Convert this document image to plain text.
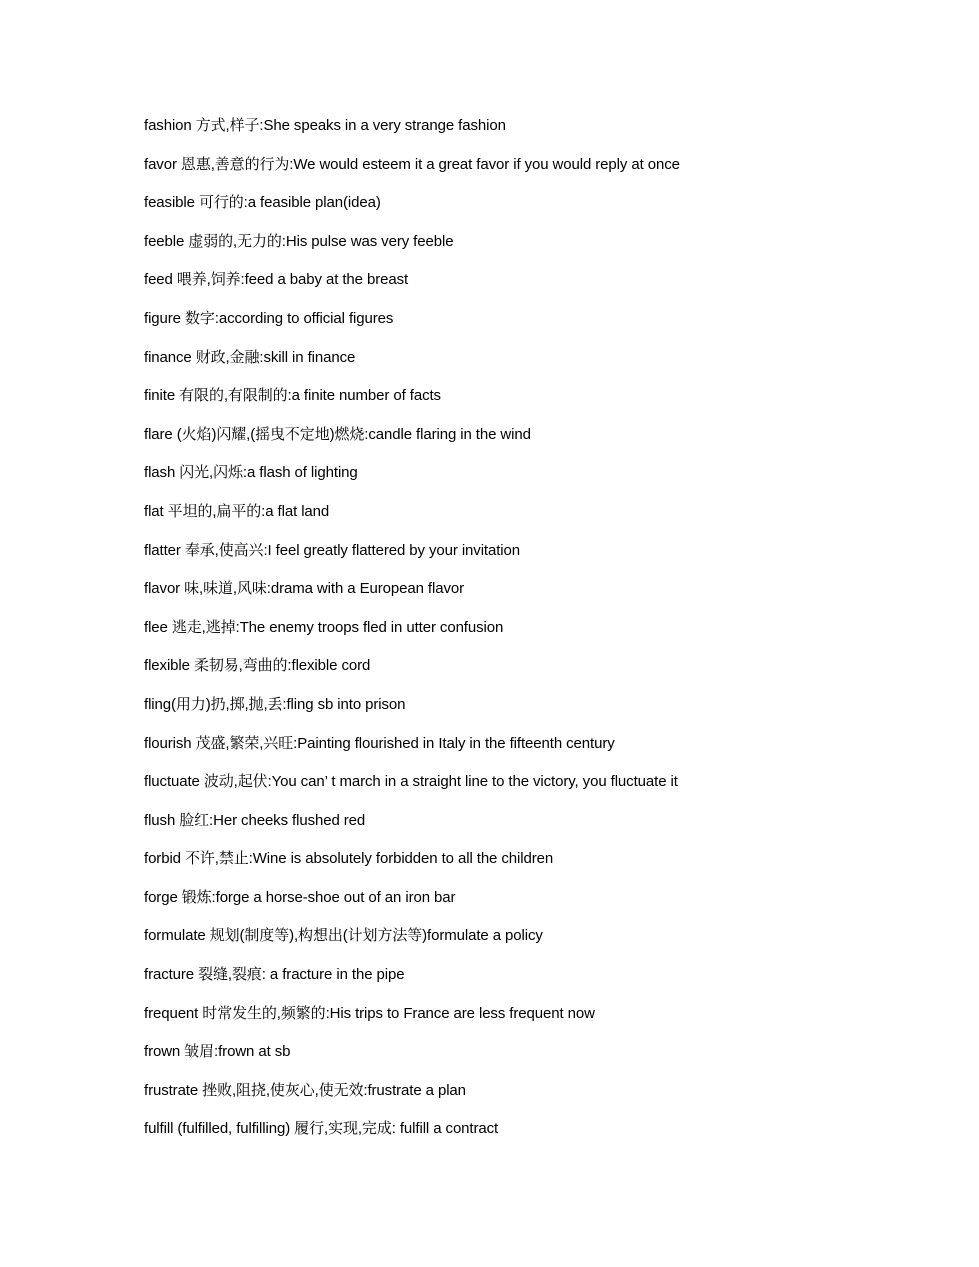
fashion 方式,样子:She speaks in a very strange fashion
favor 恩惠,善意的行为:We would esteem it a great favor if you would reply at once
feasible 可行的:a feasible plan(idea)
feeble 虚弱的,无力的:His pulse was very feeble
feed 喂养,饲养:feed a baby at the breast
figure 数字:according to official figures
finance 财政,金融:skill in finance
finite 有限的,有限制的:a finite number of facts
flare (火焰)闪耀,(摇曳不定地)燃烧:candle flaring in the wind
flash 闪光,闪烁:a flash of lighting
flat 平坦的,扁平的:a flat land
flatter 奉承,使高兴:I feel greatly flattered by your invitation
flavor 味,味道,风味:drama with a European flavor
flee 逃走,逃掉:The enemy troops fled in utter confusion
flexible 柔韧易,弯曲的:flexible cord
fling(用力)扔,掷,抛,丢:fling sb into prison
flourish 茂盛,繁荣,兴旺:Painting flourished in Italy in the fifteenth century
fluctuate 波动,起伏:You can’ t march in a straight line to the victory, you fluctuate it
flush 脸红:Her cheeks flushed red
forbid 不许,禁止:Wine is absolutely forbidden to all the children
forge 锻炼:forge a horse-shoe out of an iron bar
formulate 规划(制度等),构想出(计划方法等)formulate a policy
fracture 裂缝,裂痕: a fracture in the pipe
frequent 时常发生的,频繁的:His trips to France are less frequent now
frown 皱眉:frown at sb
frustrate 挫败,阻挠,使灰心,使无效:frustrate a plan
fulfill (fulfilled, fulfilling) 履行,实现,完成: fulfill a contract
